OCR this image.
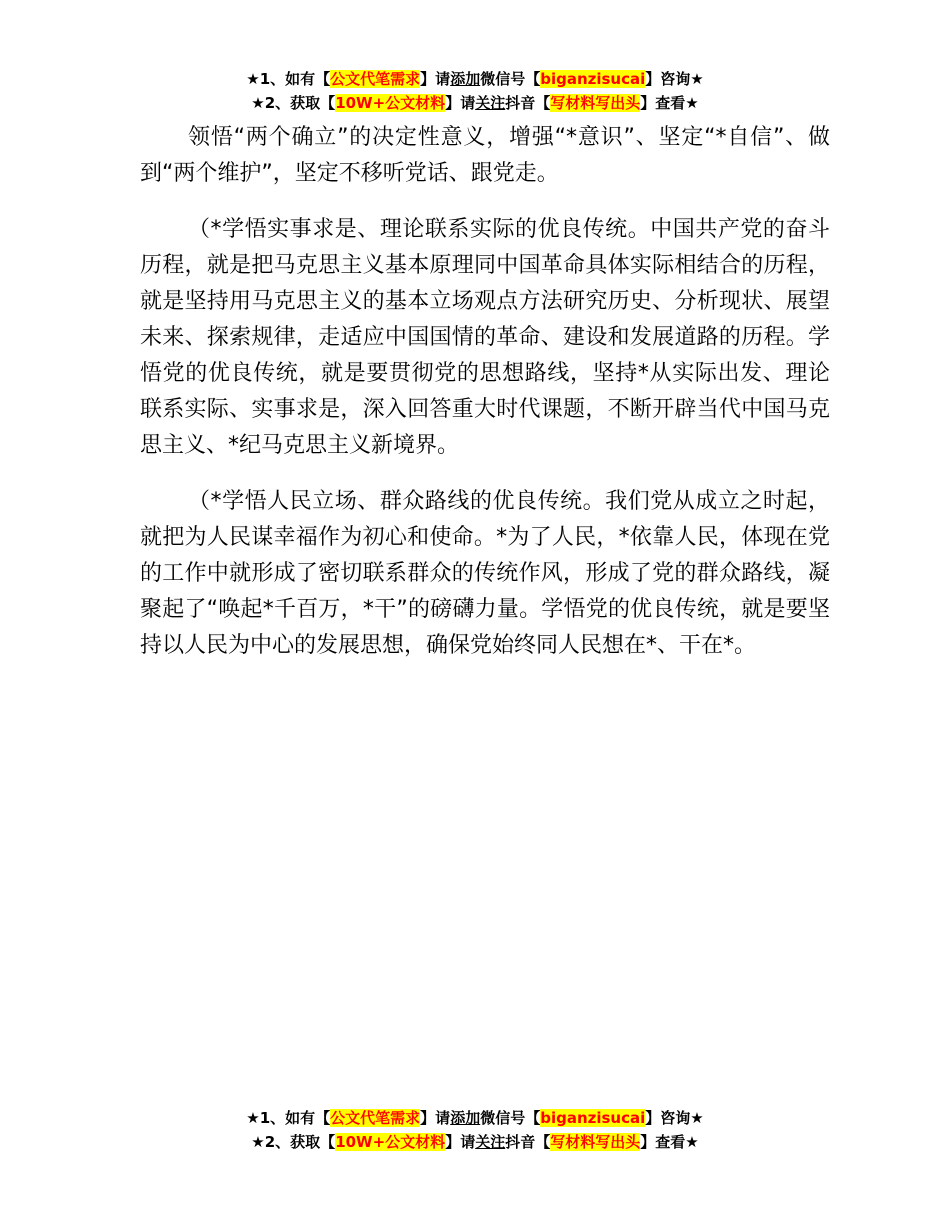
★1、如有【公文代笔需求】请添加微信号【biganzisucai】咨询★
★2、获取【10W+公文材料】请关注抖音【写材料写出头】查看★

领悟“两个确立”的决定性意义，增强“*意识”、坚定“*自信”、做到“两个维护”，坚定不移听党话、跟党走。

（*学悟实事求是、理论联系实际的优良传统。中国共产党的奋斗历程，就是把马克思主义基本原理同中国革命具体实际相结合的历程，就是坚持用马克思主义的基本立场观点方法研究历史、分析现状、展望未来、探索规律，走适应中国国情的革命、建设和发展道路的历程。学悟党的优良传统，就是要贯彻党的思想路线，坚持*从实际出发、理论联系实际、实事求是，深入回答重大时代课题，不断开辟当代中国马克思主义、*纪马克思主义新境界。

（*学悟人民立场、群众路线的优良传统。我们党从成立之时起，就把为人民谋幸福作为初心和使命。*为了人民，*依靠人民，体现在党的工作中就形成了密切联系群众的传统作风，形成了党的群众路线，凝聚起了“唤起*千百万，*干”的磅礴力量。学悟党的优良传统，就是要坚持以人民为中心的发展思想，确保党始终同人民想在*、干在*。

★1、如有【公文代笔需求】请添加微信号【biganzisucai】咨询★
★2、获取【10W+公文材料】请关注抖音【写材料写出头】查看★
